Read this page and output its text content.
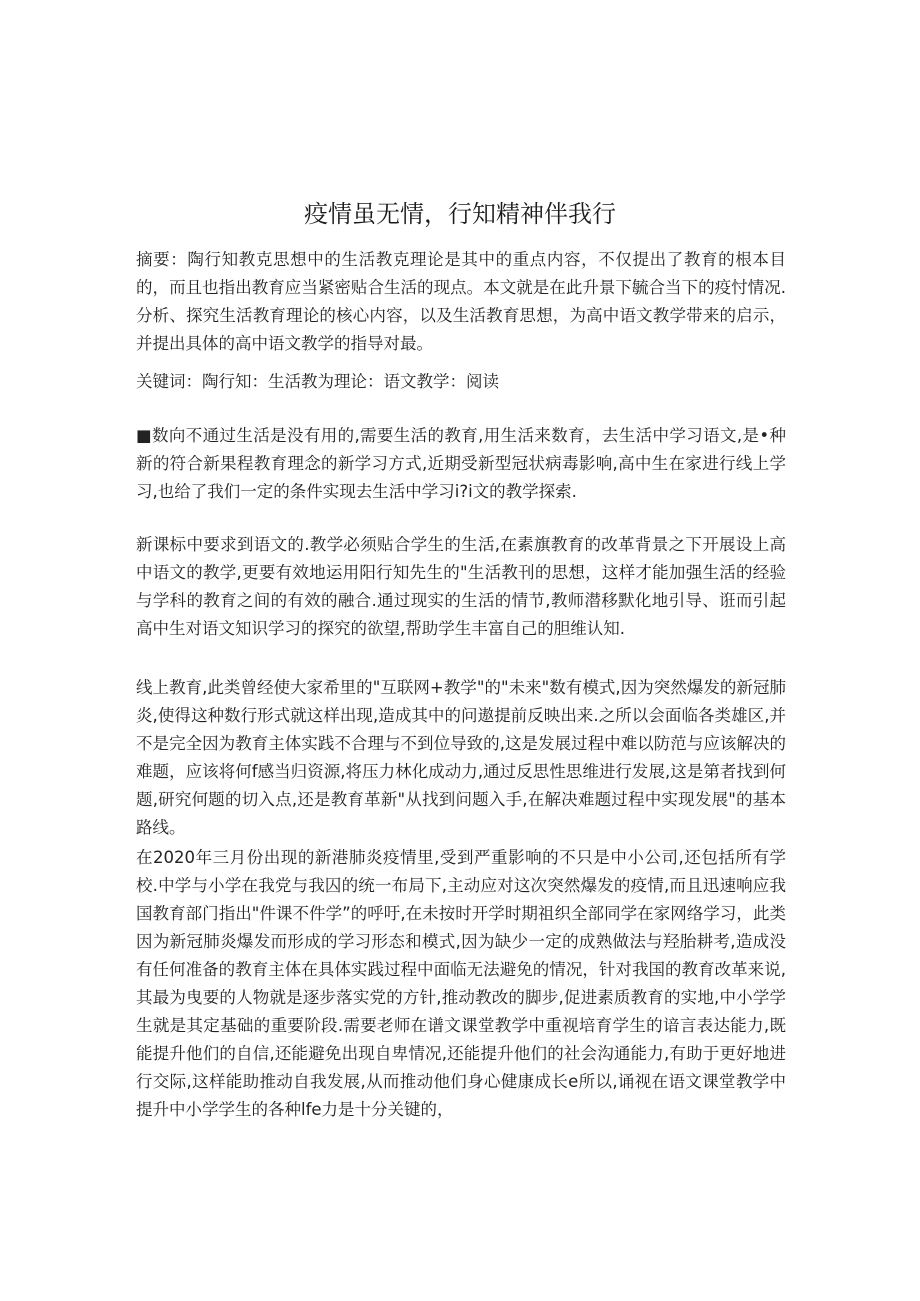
疫情虽无情，行知精神伴我行

摘要：陶行知教克思想中的生活教克理论是其中的重点内容，不仅提出了教育的根本目的，而且也指出教育应当紧密贴合生活的现点。本文就是在此升景下毓合当下的疫忖情况.分析、探究生活教育理论的核心内容，以及生活教育思想，为高中语文教学带来的启示，并提出具体的高中语文教学的指导对最。

关键词：陶行知：生活教为理论：语文教学：阅读

■数向不通过生活是没有用的,需要生活的教育,用生活来数育，去生活中学习语文,是•种新的符合新果程教育理念的新学习方式,近期受新型冠状病毒影响,高中生在家进行线上学习,也给了我们一定的条件实现去生活中学习i?i文的教学探索.

新课标中要求到语文的.教学必须贴合学生的生活,在素旗教育的改革背景之下开展设上高中语文的教学,更要有效地运用阳行知先生的"生活教刊的思想，这样才能加强生活的经验与学科的教育之间的有效的融合.通过现实的生活的情节,教师潜移默化地引导、诳而引起高中生对语文知识学习的探究的欲望,帮助学生丰富自己的胆维认知.

线上教育,此类曾经使大家希里的"互联网+教学"的"未来"数有模式,因为突然爆发的新冠肺炎,使得这种数行形式就这样出现,造成其中的问遨提前反映出来.之所以会面临各类雄区,并不是完全因为教育主体实践不合理与不到位导致的,这是发展过程中难以防范与应该解决的难题，应该将何f感当归资源,将压力林化成动力,通过反思性思维进行发展,这是第者找到何题,研究何题的切入点,还是教育革新"从找到问题入手,在解决难题过程中实现发展"的基本路线。

在2020年三月份出现的新港肺炎疫情里,受到严重影响的不只是中小公司,还包括所有学校.中学与小学在我党与我囚的统一布局下,主动应对这次突然爆发的疫情,而且迅速响应我国教育部门指出"件课不件学”的呼吁,在未按时开学时期祖织全部同学在家网络学习，此类因为新冠肺炎爆发而形成的学习形态和模式,因为缺少一定的成熟做法与羟胎耕考,造成没有任何准备的教育主体在具体实践过程中面临无法避免的情况，针对我国的教育改革来说,其最为曳要的人物就是逐步落实党的方针,推动教改的脚步,促进素质教育的实地,中小学学生就是其定基础的重要阶段.需要老师在谱文课堂教学中重视培育学生的谙言表达能力,既能提升他们的自信,还能避免出现自卑情况,还能提升他们的社会沟通能力,有助于更好地进行交际,这样能助推动自我发展,从而推动他们身心健康成长e所以,诵视在语文课堂教学中提升中小学学生的各种lfe力是十分关键的，
